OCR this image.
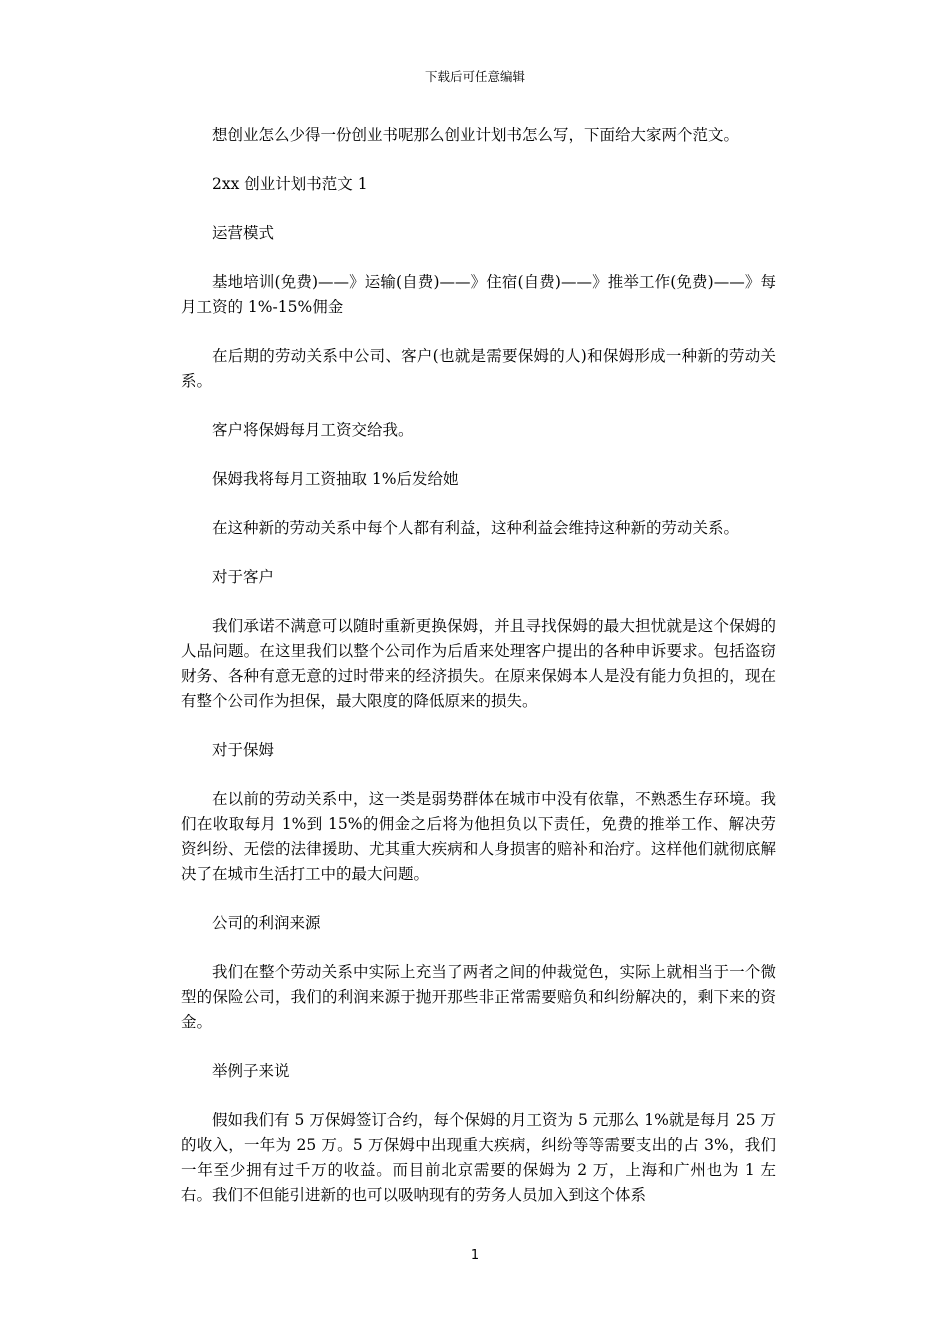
下载后可任意编辑

想创业怎么少得一份创业书呢那么创业计划书怎么写，下面给大家两个范文。

2xx 创业计划书范文 1

运营模式

基地培训(免费)——》运输(自费)——》住宿(自费)——》推举工作(免费)——》每月工资的 1%-15%佣金

在后期的劳动关系中公司、客户(也就是需要保姆的人)和保姆形成一种新的劳动关系。

客户将保姆每月工资交给我。

保姆我将每月工资抽取 1%后发给她

在这种新的劳动关系中每个人都有利益，这种利益会维持这种新的劳动关系。

对于客户

我们承诺不满意可以随时重新更换保姆，并且寻找保姆的最大担忧就是这个保姆的人品问题。在这里我们以整个公司作为后盾来处理客户提出的各种申诉要求。包括盗窃财务、各种有意无意的过时带来的经济损失。在原来保姆本人是没有能力负担的，现在有整个公司作为担保，最大限度的降低原来的损失。

对于保姆

在以前的劳动关系中，这一类是弱势群体在城市中没有依靠，不熟悉生存环境。我们在收取每月 1%到 15%的佣金之后将为他担负以下责任，免费的推举工作、解决劳资纠纷、无偿的法律援助、尤其重大疾病和人身损害的赔补和治疗。这样他们就彻底解决了在城市生活打工中的最大问题。

公司的利润来源

我们在整个劳动关系中实际上充当了两者之间的仲裁觉色，实际上就相当于一个微型的保险公司，我们的利润来源于抛开那些非正常需要赔负和纠纷解决的，剩下来的资金。

举例子来说

假如我们有 5 万保姆签订合约，每个保姆的月工资为 5 元那么 1%就是每月 25 万的收入，一年为 25 万。5 万保姆中出现重大疾病，纠纷等等需要支出的占 3%，我们一年至少拥有过千万的收益。而目前北京需要的保姆为 2 万，上海和广州也为 1 左右。我们不但能引进新的也可以吸呐现有的劳务人员加入到这个体系

1
